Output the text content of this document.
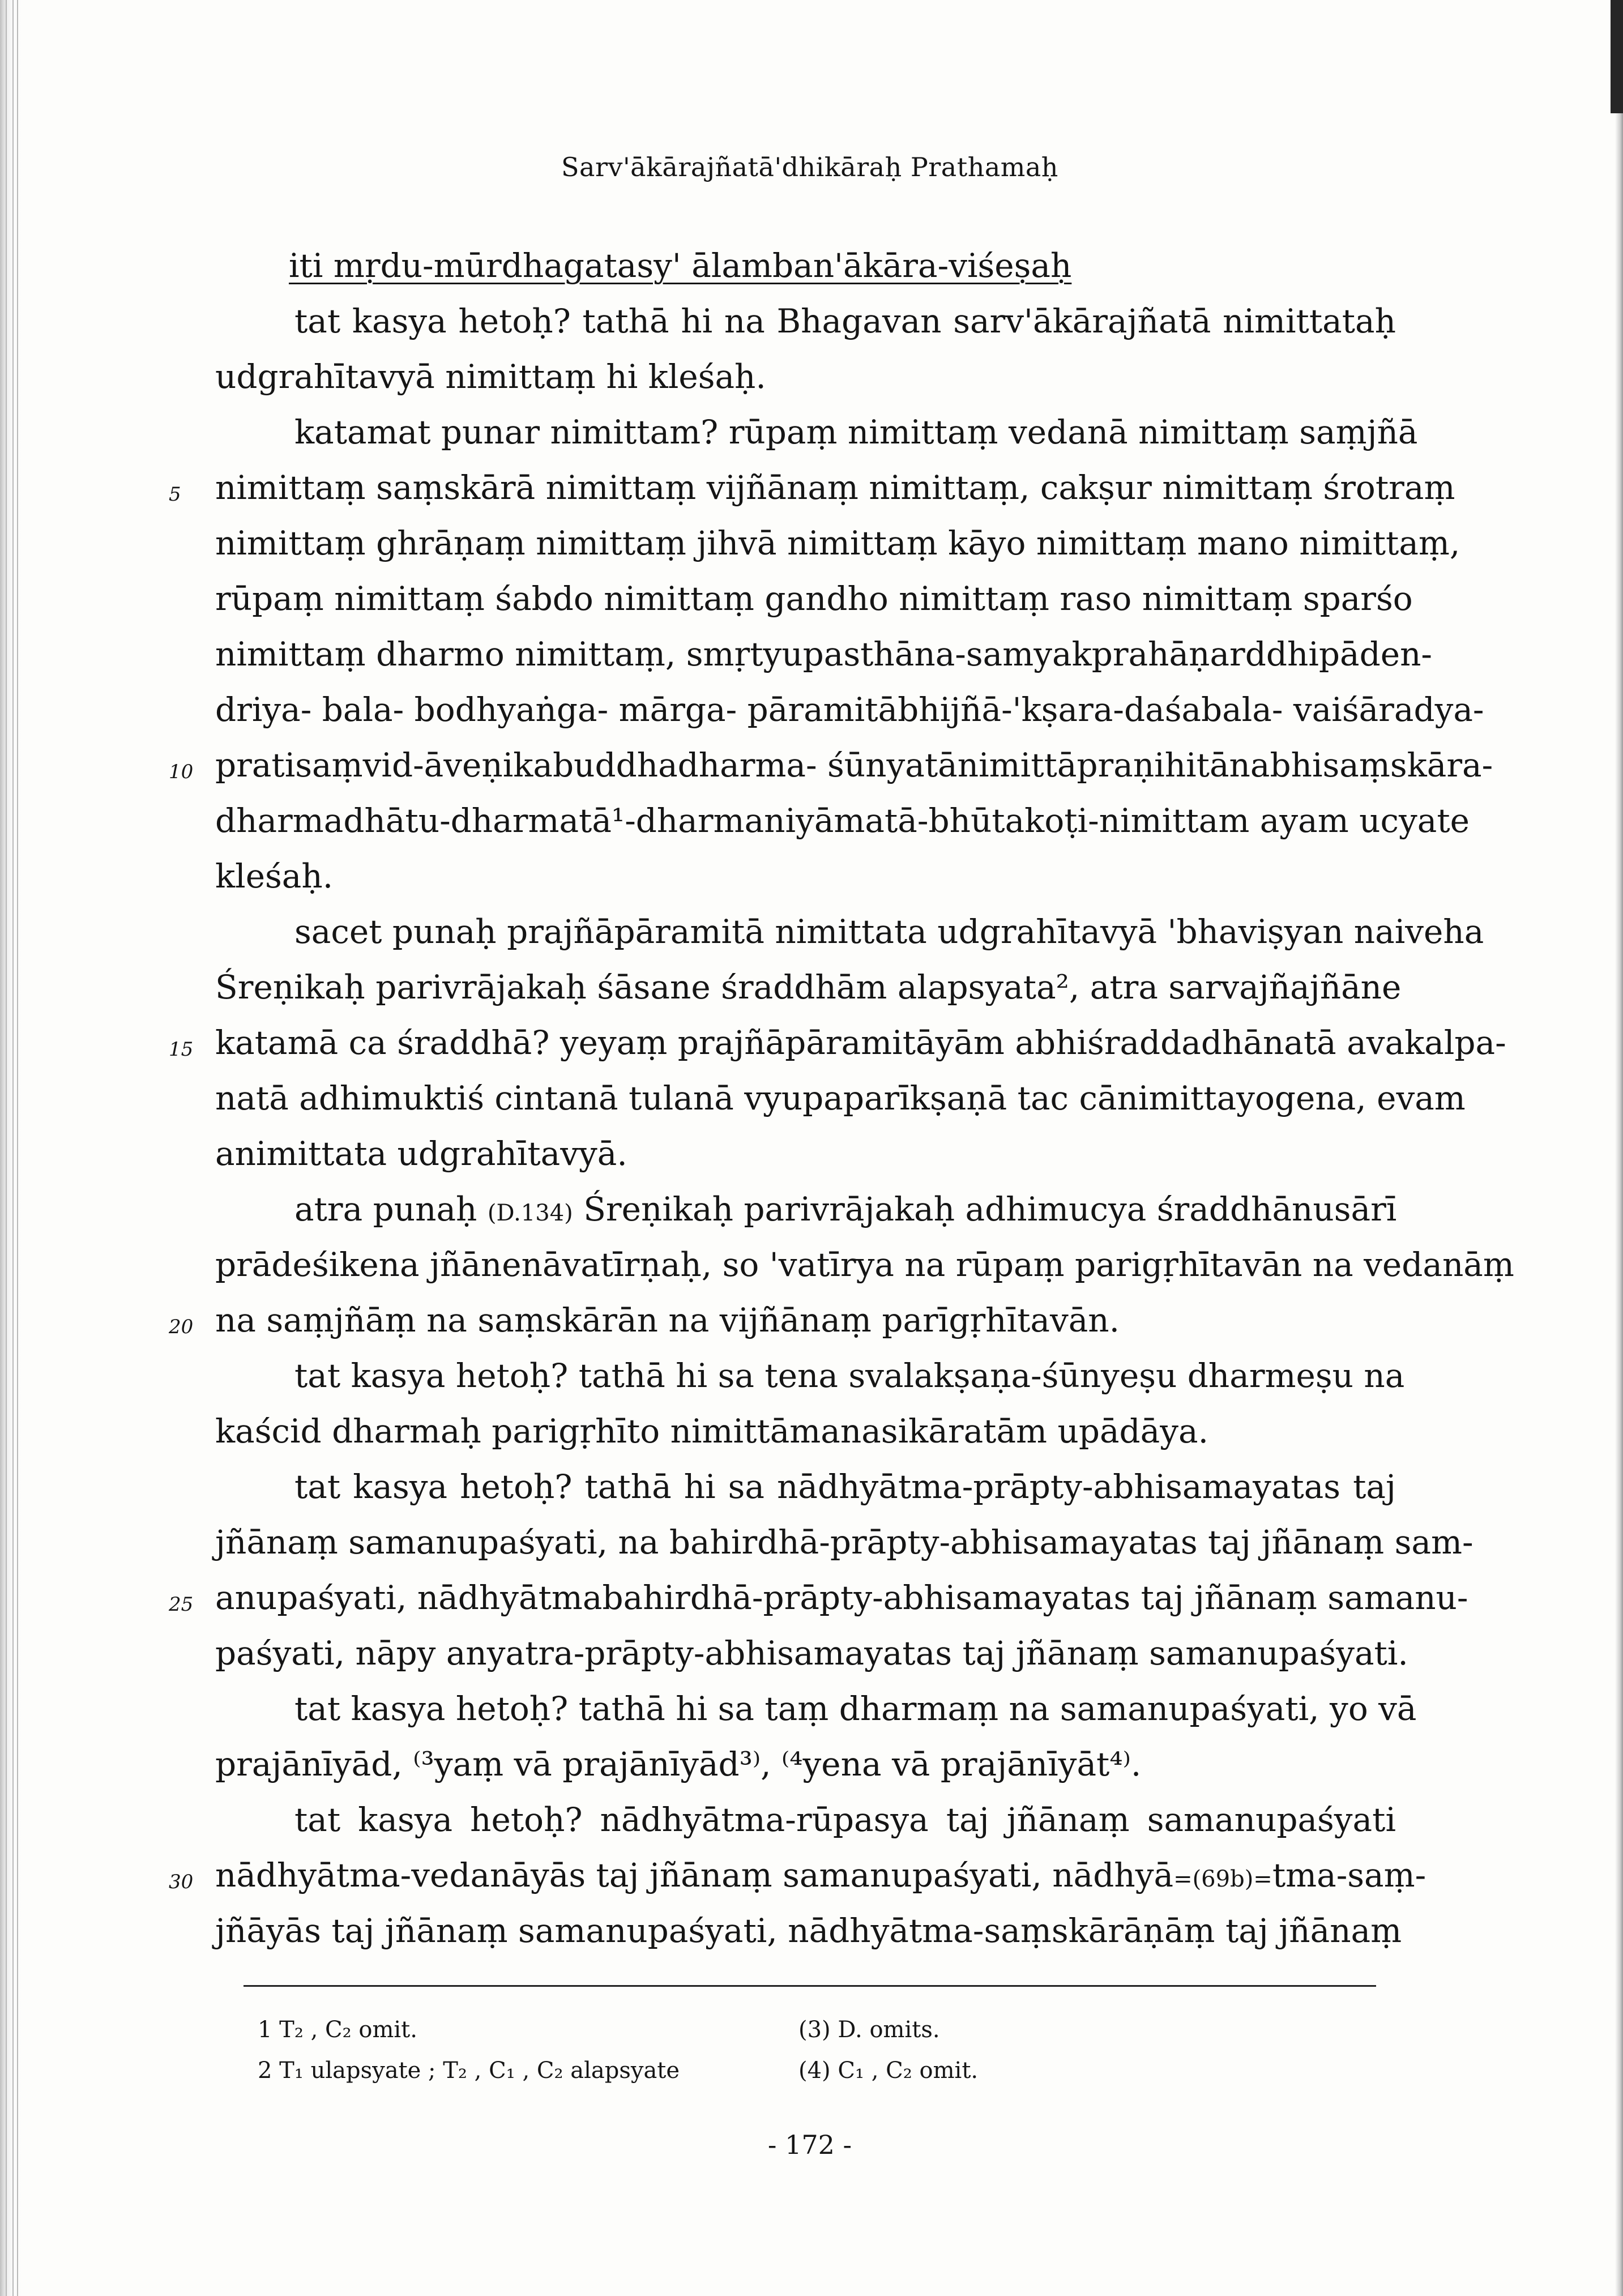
Sarv'ākārajñatā'dhikāraḥ Prathamaḥ
iti mṛdu-mūrdhagatasy' ālamban'ākāra-viśeṣaḥ
tat kasya hetoḥ? tathā hi na Bhagavan sarv'ākārajñatā nimittataḥ
udgrahītavyā nimittaṃ hi kleśaḥ.
katamat punar nimittam? rūpaṃ nimittaṃ vedanā nimittaṃ saṃjñā
5	nimittaṃ saṃskārā nimittaṃ vijñānaṃ nimittaṃ, cakṣur nimittaṃ śrotraṃ
nimittaṃ ghrāṇaṃ nimittaṃ jihvā nimittaṃ kāyo nimittaṃ mano nimittaṃ,
rūpaṃ nimittaṃ śabdo nimittaṃ gandho nimittaṃ raso nimittaṃ sparśo
nimittaṃ dharmo nimittaṃ, smṛtyupasthāna-samyakprahāṇarddhipāden-
driya- bala- bodhyaṅga- mārga- pāramitābhijñā-'kṣara-daśabala- vaiśāradya-
10 pratisaṃvid-āveṇikabuddhadharma- śūnyatānimittāpraṇihitānabhisaṃskāra-
dharmadhātu-dharmatā¹-dharmaniyāmatā-bhūtakoṭi-nimittam ayam ucyate
kleśaḥ.
sacet punaḥ prajñāpāramitā nimittata udgrahītavyā 'bhaviṣyan naiveha
Śreṇikaḥ parivrājakaḥ śāsane śraddhām alapsyata², atra sarvajñajñāne
15 katamā ca śraddhā? yeyaṃ prajñāpāramitāyām abhiśraddadhānatā avakalpa-
natā adhimuktiś cintanā tulanā vyupaparīkṣaṇā tac cānimittayogena, evam
animittata udgrahītavyā.
atra punaḥ (D.134) Śreṇikaḥ parivrājakaḥ adhimucya śraddhānusārī
prādeśikena jñānenāvatīrṇaḥ, so 'vatīrya na rūpaṃ parigṛhītavān na vedanāṃ
20 na saṃjñāṃ na saṃskārān na vijñānaṃ parīgṛhītavān.
tat kasya hetoḥ? tathā hi sa tena svalakṣaṇa-śūnyeṣu dharmeṣu na
kaścid dharmaḥ parigṛhīto nimittāmanasikāratām upādāya.
tat kasya hetoḥ? tathā hi sa nādhyātma-prāpty-abhisamayatas taj
jñānaṃ samanupaśyati, na bahirdhā-prāpty-abhisamayatas taj jñānaṃ sam-
25 anupaśyati, nādhyātmabahirdhā-prāpty-abhisamayatas taj jñānaṃ samanu-
paśyati, nāpy anyatra-prāpty-abhisamayatas taj jñānaṃ samanupaśyati.
tat kasya hetoḥ? tathā hi sa taṃ dharmaṃ na samanupaśyati, yo vā
prajānīyād, ⁽³yaṃ vā prajānīyād³⁾, ⁽⁴yena vā prajānīyāt⁴⁾.
tat kasya hetoḥ? nādhyātma-rūpasya taj jñānaṃ samanupaśyati
30 nādhyātma-vedanāyās taj jñānaṃ samanupaśyati, nādhyā=(69b)=tma-saṃ-
jñāyās taj jñānaṃ samanupaśyati, nādhyātma-saṃskārāṇāṃ taj jñānaṃ
1 T₂ , C₂ omit.	(3) D. omits.
2 T₁ ulapsyate ; T₂ , C₁ , C₂ alapsyate	(4) C₁ , C₂ omit.
- 172 -
